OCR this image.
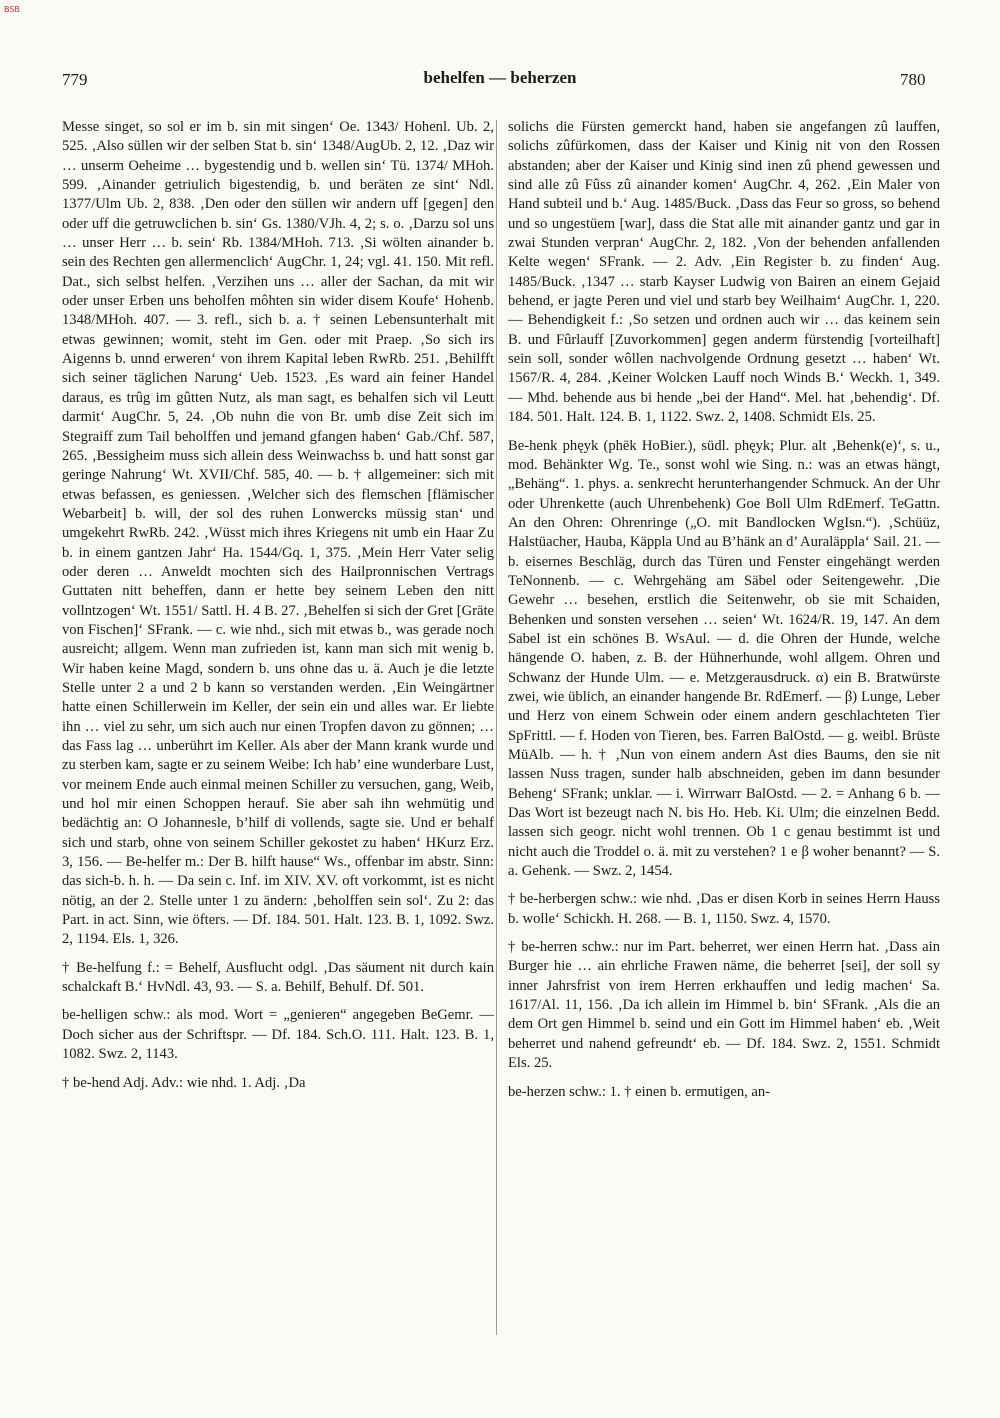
BSB
779	behelfen — beherzen	780

Messe singet, so sol er im b. sin mit singen‘ Oe. 1343/ Hohenl. Ub. 2, 525. ‚Also süllen wir der selben Stat b. sin‘ 1348/AugUb. 2, 12. ‚Daz wir … unserm Oeheime … bygestendig und b. wellen sin‘ Tü. 1374/ MHoh. 599. ‚Ainander getriulich bigestendig, b. und beräten ze sint‘ Ndl. 1377/Ulm Ub. 2, 838. ‚Den oder den süllen wir andern uff [gegen] den oder uff die getruwclichen b. sin‘ Gs. 1380/VJh. 4, 2; s. o. ‚Darzu sol uns … unser Herr … b. sein‘ Rb. 1384/MHoh. 713. ‚Si wölten ainander b. sein des Rechten gen allermenclich‘ AugChr. 1, 24; vgl. 41. 150. Mit refl. Dat., sich selbst helfen. ‚Verzihen uns … aller der Sachan, da mit wir oder unser Erben uns beholfen môhten sin wider disem Koufe‘ Hohenb. 1348/MHoh. 407. — 3. refl., sich b. a. † seinen Lebensunterhalt mit etwas gewinnen; womit, steht im Gen. oder mit Praep. ‚So sich irs Aigenns b. unnd erweren‘ von ihrem Kapital leben RwRb. 251. ‚Behilfft sich seiner täglichen Narung‘ Ueb. 1523. ‚Es ward ain feiner Handel daraus, es trûg im gûtten Nutz, als man sagt, es behalfen sich vil Leutt darmit‘ AugChr. 5, 24. ‚Ob nuhn die von Br. umb dise Zeit sich im Stegraiff zum Tail beholffen und jemand gfangen haben‘ Gab./Chf. 587, 265. ‚Bessigheim muss sich allein dess Weinwachss b. und hatt sonst gar geringe Nahrung‘ Wt. XVII/Chf. 585, 40. — b. † allgemeiner: sich mit etwas befassen, es geniessen. ‚Welcher sich des flemschen [flämischer Webarbeit] b. will, der sol des ruhen Lonwercks müssig stan‘ und umgekehrt RwRb. 242. ‚Wüsst mich ihres Kriegens nit umb ein Haar Zu b. in einem gantzen Jahr‘ Ha. 1544/Gq. 1, 375. ‚Mein Herr Vater selig oder deren … Anweldt mochten sich des Hailpronnischen Vertrags Guttaten nitt beheffen, dann er hette bey seinem Leben den nitt vollntzogen‘ Wt. 1551/ Sattl. H. 4 B. 27. ‚Behelfen si sich der Gret [Gräte von Fischen]‘ SFrank. — c. wie nhd., sich mit etwas b., was gerade noch ausreicht; allgem. Wenn man zufrieden ist, kann man sich mit wenig b. Wir haben keine Magd, sondern b. uns ohne das u. ä. Auch je die letzte Stelle unter 2 a und 2 b kann so verstanden werden. ‚Ein Weingärtner hatte einen Schillerwein im Keller, der sein ein und alles war. Er liebte ihn … viel zu sehr, um sich auch nur einen Tropfen davon zu gönnen; … das Fass lag … unberührt im Keller. Als aber der Mann krank wurde und zu sterben kam, sagte er zu seinem Weibe: Ich hab’ eine wunderbare Lust, vor meinem Ende auch einmal meinen Schiller zu versuchen, gang, Weib, und hol mir einen Schoppen herauf. Sie aber sah ihn wehmütig und bedächtig an: O Johannesle, b’hilf di vollends, sagte sie. Und er behalf sich und starb, ohne von seinem Schiller gekostet zu haben‘ HKurz Erz. 3, 156. — Be-helfer m.: Der B. hilft hause“ Ws., offenbar im abstr. Sinn: das sich-b. h. h. — Da sein c. Inf. im XIV. XV. oft vorkommt, ist es nicht nötig, an der 2. Stelle unter 1 zu ändern: ‚beholffen sein sol‘. Zu 2: das Part. in act. Sinn, wie öfters. — Df. 184. 501. Halt. 123. B. 1, 1092. Swz. 2, 1194. Els. 1, 326.

† Be-helfung f.: = Behelf, Ausflucht odgl. ‚Das säument nit durch kain schalckaft B.‘ HvNdl. 43, 93. — S. a. Behilf, Behulf. Df. 501.

be-helligen schw.: als mod. Wort = „genieren“ angegeben BeGemr. — Doch sicher aus der Schriftspr. — Df. 184. Sch.O. 111. Halt. 123. B. 1, 1082. Swz. 2, 1143.

† be-hend Adj. Adv.: wie nhd. 1. Adj. ‚Da

solichs die Fürsten gemerckt hand, haben sie angefangen zû lauffen, solichs zûfürkomen, dass der Kaiser und Kinig nit von den Rossen abstanden; aber der Kaiser und Kinig sind inen zû phend gewessen und sind alle zû Fûss zû ainander komen‘ AugChr. 4, 262. ‚Ein Maler von Hand subteil und b.‘ Aug. 1485/Buck. ‚Dass das Feur so gross, so behend und so ungestüem [war], dass die Stat alle mit ainander gantz und gar in zwai Stunden verpran‘ AugChr. 2, 182. ‚Von der behenden anfallenden Kelte wegen‘ SFrank. — 2. Adv. ‚Ein Register b. zu finden‘ Aug. 1485/Buck. ‚1347 … starb Kayser Ludwig von Bairen an einem Gejaid behend, er jagte Peren und viel und starb bey Weilhaim‘ AugChr. 1, 220. — Behendigkeit f.: ‚So setzen und ordnen auch wir … das keinem sein B. und Fûrlauff [Zuvorkommen] gegen anderm fürstendig [vorteilhaft] sein soll, sonder wôllen nachvolgende Ordnung gesetzt … haben‘ Wt. 1567/R. 4, 284. ‚Keiner Wolcken Lauff noch Winds B.‘ Weckh. 1, 349. — Mhd. behende aus bi hende „bei der Hand“. Mel. hat ‚behendig‘. Df. 184. 501. Halt. 124. B. 1, 1122. Swz. 2, 1408. Schmidt Els. 25.

Be-henk phęyk (phēk HoBier.), südl. phęyk; Plur. alt ‚Behenk(e)‘, s. u., mod. Behänkter Wg. Te., sonst wohl wie Sing. n.: was an etwas hängt, „Behäng“. 1. phys. a. senkrecht herunterhangender Schmuck. An der Uhr oder Uhrenkette (auch Uhrenbehenk) Goe Boll Ulm RdEmerf. TeGattn. An den Ohren: Ohrenringe („O. mit Bandlocken WgIsn.“). ‚Schüüz, Halstüacher, Hauba, Käppla Und au B’hänk an d’ Auraläppla‘ Sail. 21. — b. eisernes Beschläg, durch das Türen und Fenster eingehängt werden TeNonnenb. — c. Wehrgehäng am Säbel oder Seitengewehr. ‚Die Gewehr … besehen, erstlich die Seitenwehr, ob sie mit Schaiden, Behenken und sonsten versehen … seien‘ Wt. 1624/R. 19, 147. An dem Sabel ist ein schönes B. WsAul. — d. die Ohren der Hunde, welche hängende O. haben, z. B. der Hühnerhunde, wohl allgem. Ohren und Schwanz der Hunde Ulm. — e. Metzgerausdruck. α) ein B. Bratwürste zwei, wie üblich, an einander hangende Br. RdEmerf. — β) Lunge, Leber und Herz von einem Schwein oder einem andern geschlachteten Tier SpFrittl. — f. Hoden von Tieren, bes. Farren BalOstd. — g. weibl. Brüste MüAlb. — h. † ‚Nun von einem andern Ast dies Baums, den sie nit lassen Nuss tragen, sunder halb abschneiden, geben im dann besunder Beheng‘ SFrank; unklar. — i. Wirrwarr BalOstd. — 2. = Anhang 6 b. — Das Wort ist bezeugt nach N. bis Ho. Heb. Ki. Ulm; die einzelnen Bedd. lassen sich geogr. nicht wohl trennen. Ob 1 c genau bestimmt ist und nicht auch die Troddel o. ä. mit zu verstehen? 1 e β woher benannt? — S. a. Gehenk. — Swz. 2, 1454.

† be-herbergen schw.: wie nhd. ‚Das er disen Korb in seines Herrn Hauss b. wolle‘ Schickh. H. 268. — B. 1, 1150. Swz. 4, 1570.

† be-herren schw.: nur im Part. beherret, wer einen Herrn hat. ‚Dass ain Burger hie … ain ehrliche Frawen näme, die beherret [sei], der soll sy inner Jahrsfrist von irem Herren erkhauffen und ledig machen‘ Sa. 1617/Al. 11, 156. ‚Da ich allein im Himmel b. bin‘ SFrank. ‚Als die an dem Ort gen Himmel b. seind und ein Gott im Himmel haben‘ eb. ‚Weit beherret und nahend gefreundt‘ eb. — Df. 184. Swz. 2, 1551. Schmidt Els. 25.

be-herzen schw.: 1. † einen b. ermutigen, an-
